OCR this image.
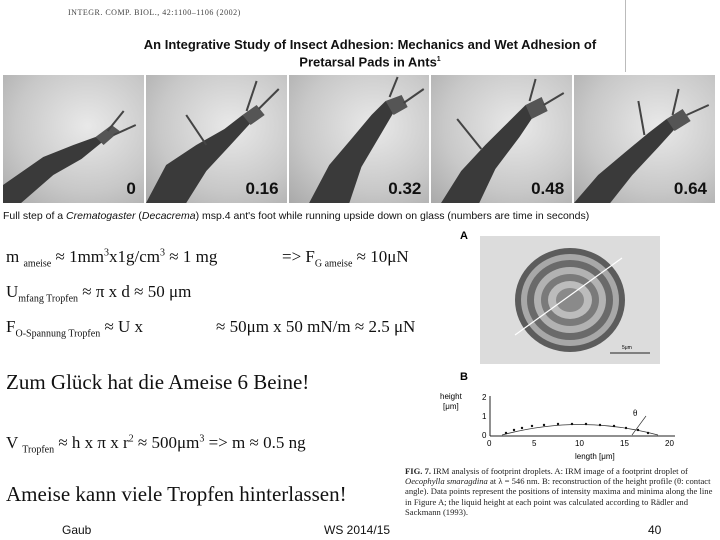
INTEGR. COMP. BIOL., 42:1100–1106 (2002)
An Integrative Study of Insect Adhesion: Mechanics and Wet Adhesion of
Pretarsal Pads in Ants$^1$
0	0.16	0.32	0.48	0.64
Full step of a Crematogaster (Decacrema) msp.4 ant's foot while running upside down on glass (numbers are time in seconds)
m $_{ameise} \approx 1mm^3x1g/cm^3 \approx 1$ mg	=> $F_{G ameise} \approx 10\mu N$
$U_{mfang Tropfen} \approx \pi$ x d ≈ 50 μm
$F_{O-Spannung Tropfen} \approx U$ x	≈ 50μm x 50 mN/m ≈ 2.5 μN
Zum Glück hat die Ameise 6 Beine!
V $_{Tropfen}$ ≈ h x π x $r^2 \approx 500\mu m^3 => m \approx 0.5$ ng
Ameise kann viele Tropfen hinterlassen!
Gaub	WS 2014/15	40
A
5μm
B
height
[μm]
2
1
0
0	5	10	15	20
length [μm]
θ
FIG. 7. IRM analysis of footprint droplets. A: IRM image of a footprint droplet of Oecophylla smaragdina at λ = 546 nm. B: reconstruction of the height profile (θ: contact angle). Data points represent the positions of intensity maxima and minima along the line in Figure A; the liquid height at each point was calculated according to Rädler and Sackmann (1993).
